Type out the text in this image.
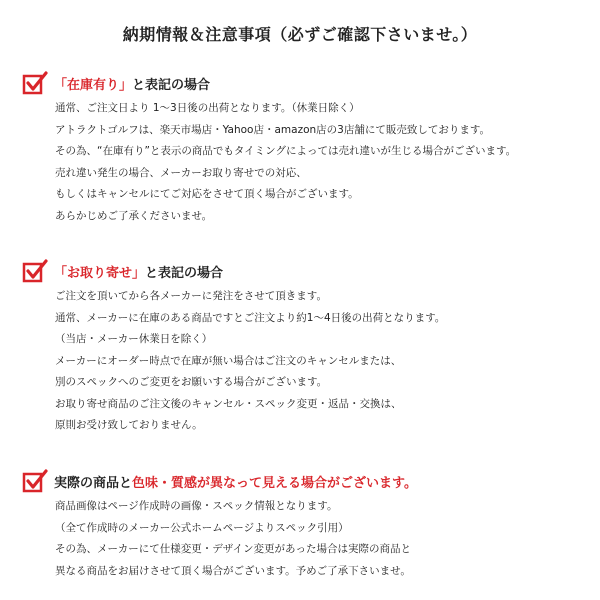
納期情報＆注意事項（必ずご確認下さいませ。）
「在庫有り」 と表記の場合
通常、ご注文日より 1〜3日後の出荷となります。（休業日除く）
アトラクトゴルフは、楽天市場店・Yahoo店・amazon店の3店舗にて販売致しております。
その為、“在庫有り”と表示の商品でもタイミングによっては売れ違いが生じる場合がございます。
売れ違い発生の場合、メーカーお取り寄せでの対応、
もしくはキャンセルにてご対応をさせて頂く場合がございます。
あらかじめご了承くださいませ。
「お取り寄せ」 と表記の場合
ご注文を頂いてから各メーカーに発注をさせて頂きます。
通常、メーカーに在庫のある商品ですとご注文より約1〜4日後の出荷となります。
（当店・メーカー休業日を除く）
メーカーにオーダー時点で在庫が無い場合はご注文のキャンセルまたは、
別のスペックへのご変更をお願いする場合がございます。
お取り寄せ商品のご注文後のキャンセル・スペック変更・返品・交換は、
原則お受け致しておりません。
実際の商品と 色味・質感が異なって見える場合がございます。
商品画像はページ作成時の画像・スペック情報となります。
（全て作成時のメーカー公式ホームページよりスペック引用）
その為、メーカーにて仕様変更・デザイン変更があった場合は実際の商品と
異なる商品をお届けさせて頂く場合がございます。予めご了承下さいませ。
